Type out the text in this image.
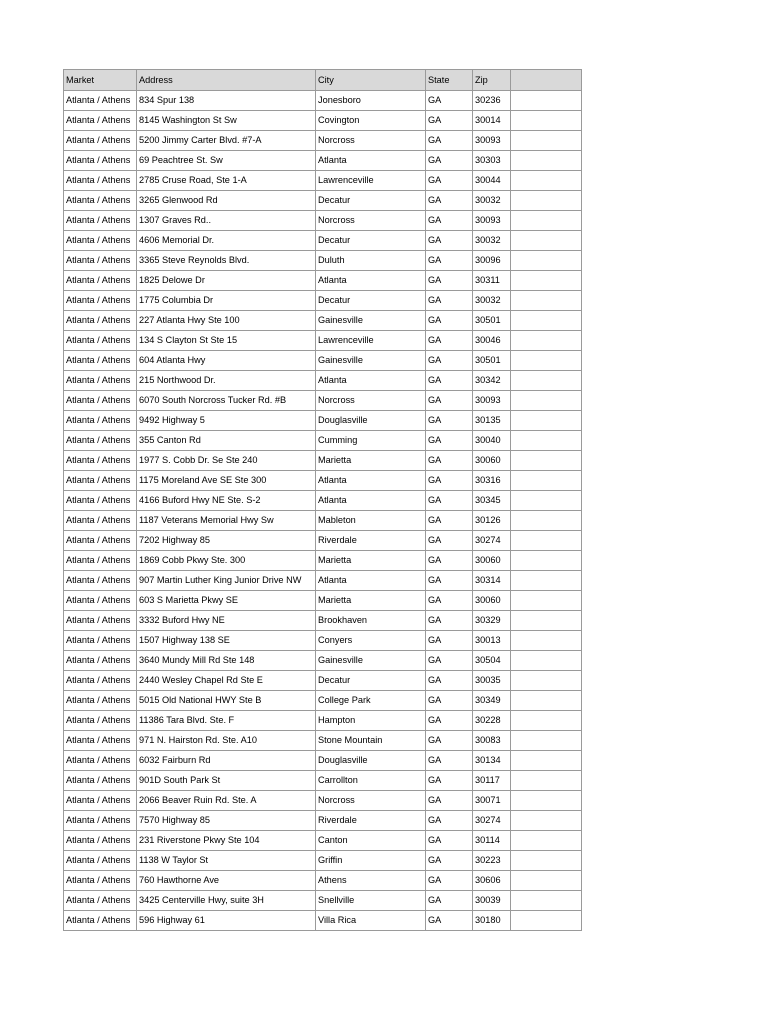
Market	Address	City	State	Zip	
Atlanta / Athens	834 Spur 138	Jonesboro	GA	30236	
Atlanta / Athens	8145 Washington St Sw	Covington	GA	30014	
Atlanta / Athens	5200 Jimmy Carter Blvd. #7-A	Norcross	GA	30093	
Atlanta / Athens	69 Peachtree St. Sw	Atlanta	GA	30303	
Atlanta / Athens	2785 Cruse Road, Ste 1-A	Lawrenceville	GA	30044	
Atlanta / Athens	3265 Glenwood Rd	Decatur	GA	30032	
Atlanta / Athens	1307 Graves Rd..	Norcross	GA	30093	
Atlanta / Athens	4606 Memorial Dr.	Decatur	GA	30032	
Atlanta / Athens	3365 Steve Reynolds Blvd.	Duluth	GA	30096	
Atlanta / Athens	1825 Delowe Dr	Atlanta	GA	30311	
Atlanta / Athens	1775 Columbia Dr	Decatur	GA	30032	
Atlanta / Athens	227 Atlanta Hwy Ste 100	Gainesville	GA	30501	
Atlanta / Athens	134 S Clayton St Ste 15	Lawrenceville	GA	30046	
Atlanta / Athens	604 Atlanta Hwy	Gainesville	GA	30501	
Atlanta / Athens	215 Northwood Dr.	Atlanta	GA	30342	
Atlanta / Athens	6070 South Norcross Tucker Rd. #B	Norcross	GA	30093	
Atlanta / Athens	9492 Highway 5	Douglasville	GA	30135	
Atlanta / Athens	355 Canton Rd	Cumming	GA	30040	
Atlanta / Athens	1977 S. Cobb Dr. Se Ste 240	Marietta	GA	30060	
Atlanta / Athens	1175 Moreland Ave SE Ste 300	Atlanta	GA	30316	
Atlanta / Athens	4166 Buford Hwy NE Ste. S-2	Atlanta	GA	30345	
Atlanta / Athens	1187 Veterans Memorial Hwy Sw	Mableton	GA	30126	
Atlanta / Athens	7202 Highway 85	Riverdale	GA	30274	
Atlanta / Athens	1869 Cobb Pkwy Ste. 300	Marietta	GA	30060	
Atlanta / Athens	907 Martin Luther King Junior Drive NW	Atlanta	GA	30314	
Atlanta / Athens	603 S Marietta Pkwy SE	Marietta	GA	30060	
Atlanta / Athens	3332 Buford Hwy NE	Brookhaven	GA	30329	
Atlanta / Athens	1507 Highway 138 SE	Conyers	GA	30013	
Atlanta / Athens	3640 Mundy Mill Rd Ste 148	Gainesville	GA	30504	
Atlanta / Athens	2440 Wesley Chapel Rd Ste E	Decatur	GA	30035	
Atlanta / Athens	5015 Old National HWY Ste B	College Park	GA	30349	
Atlanta / Athens	11386 Tara Blvd. Ste. F	Hampton	GA	30228	
Atlanta / Athens	971 N. Hairston Rd. Ste. A10	Stone Mountain	GA	30083	
Atlanta / Athens	6032 Fairburn Rd	Douglasville	GA	30134	
Atlanta / Athens	901D South Park St	Carrollton	GA	30117	
Atlanta / Athens	2066 Beaver Ruin Rd. Ste. A	Norcross	GA	30071	
Atlanta / Athens	7570 Highway 85	Riverdale	GA	30274	
Atlanta / Athens	231 Riverstone Pkwy Ste 104	Canton	GA	30114	
Atlanta / Athens	1138 W Taylor St	Griffin	GA	30223	
Atlanta / Athens	760 Hawthorne Ave	Athens	GA	30606	
Atlanta / Athens	3425 Centerville Hwy, suite 3H	Snellville	GA	30039	
Atlanta / Athens	596 Highway 61	Villa Rica	GA	30180	
